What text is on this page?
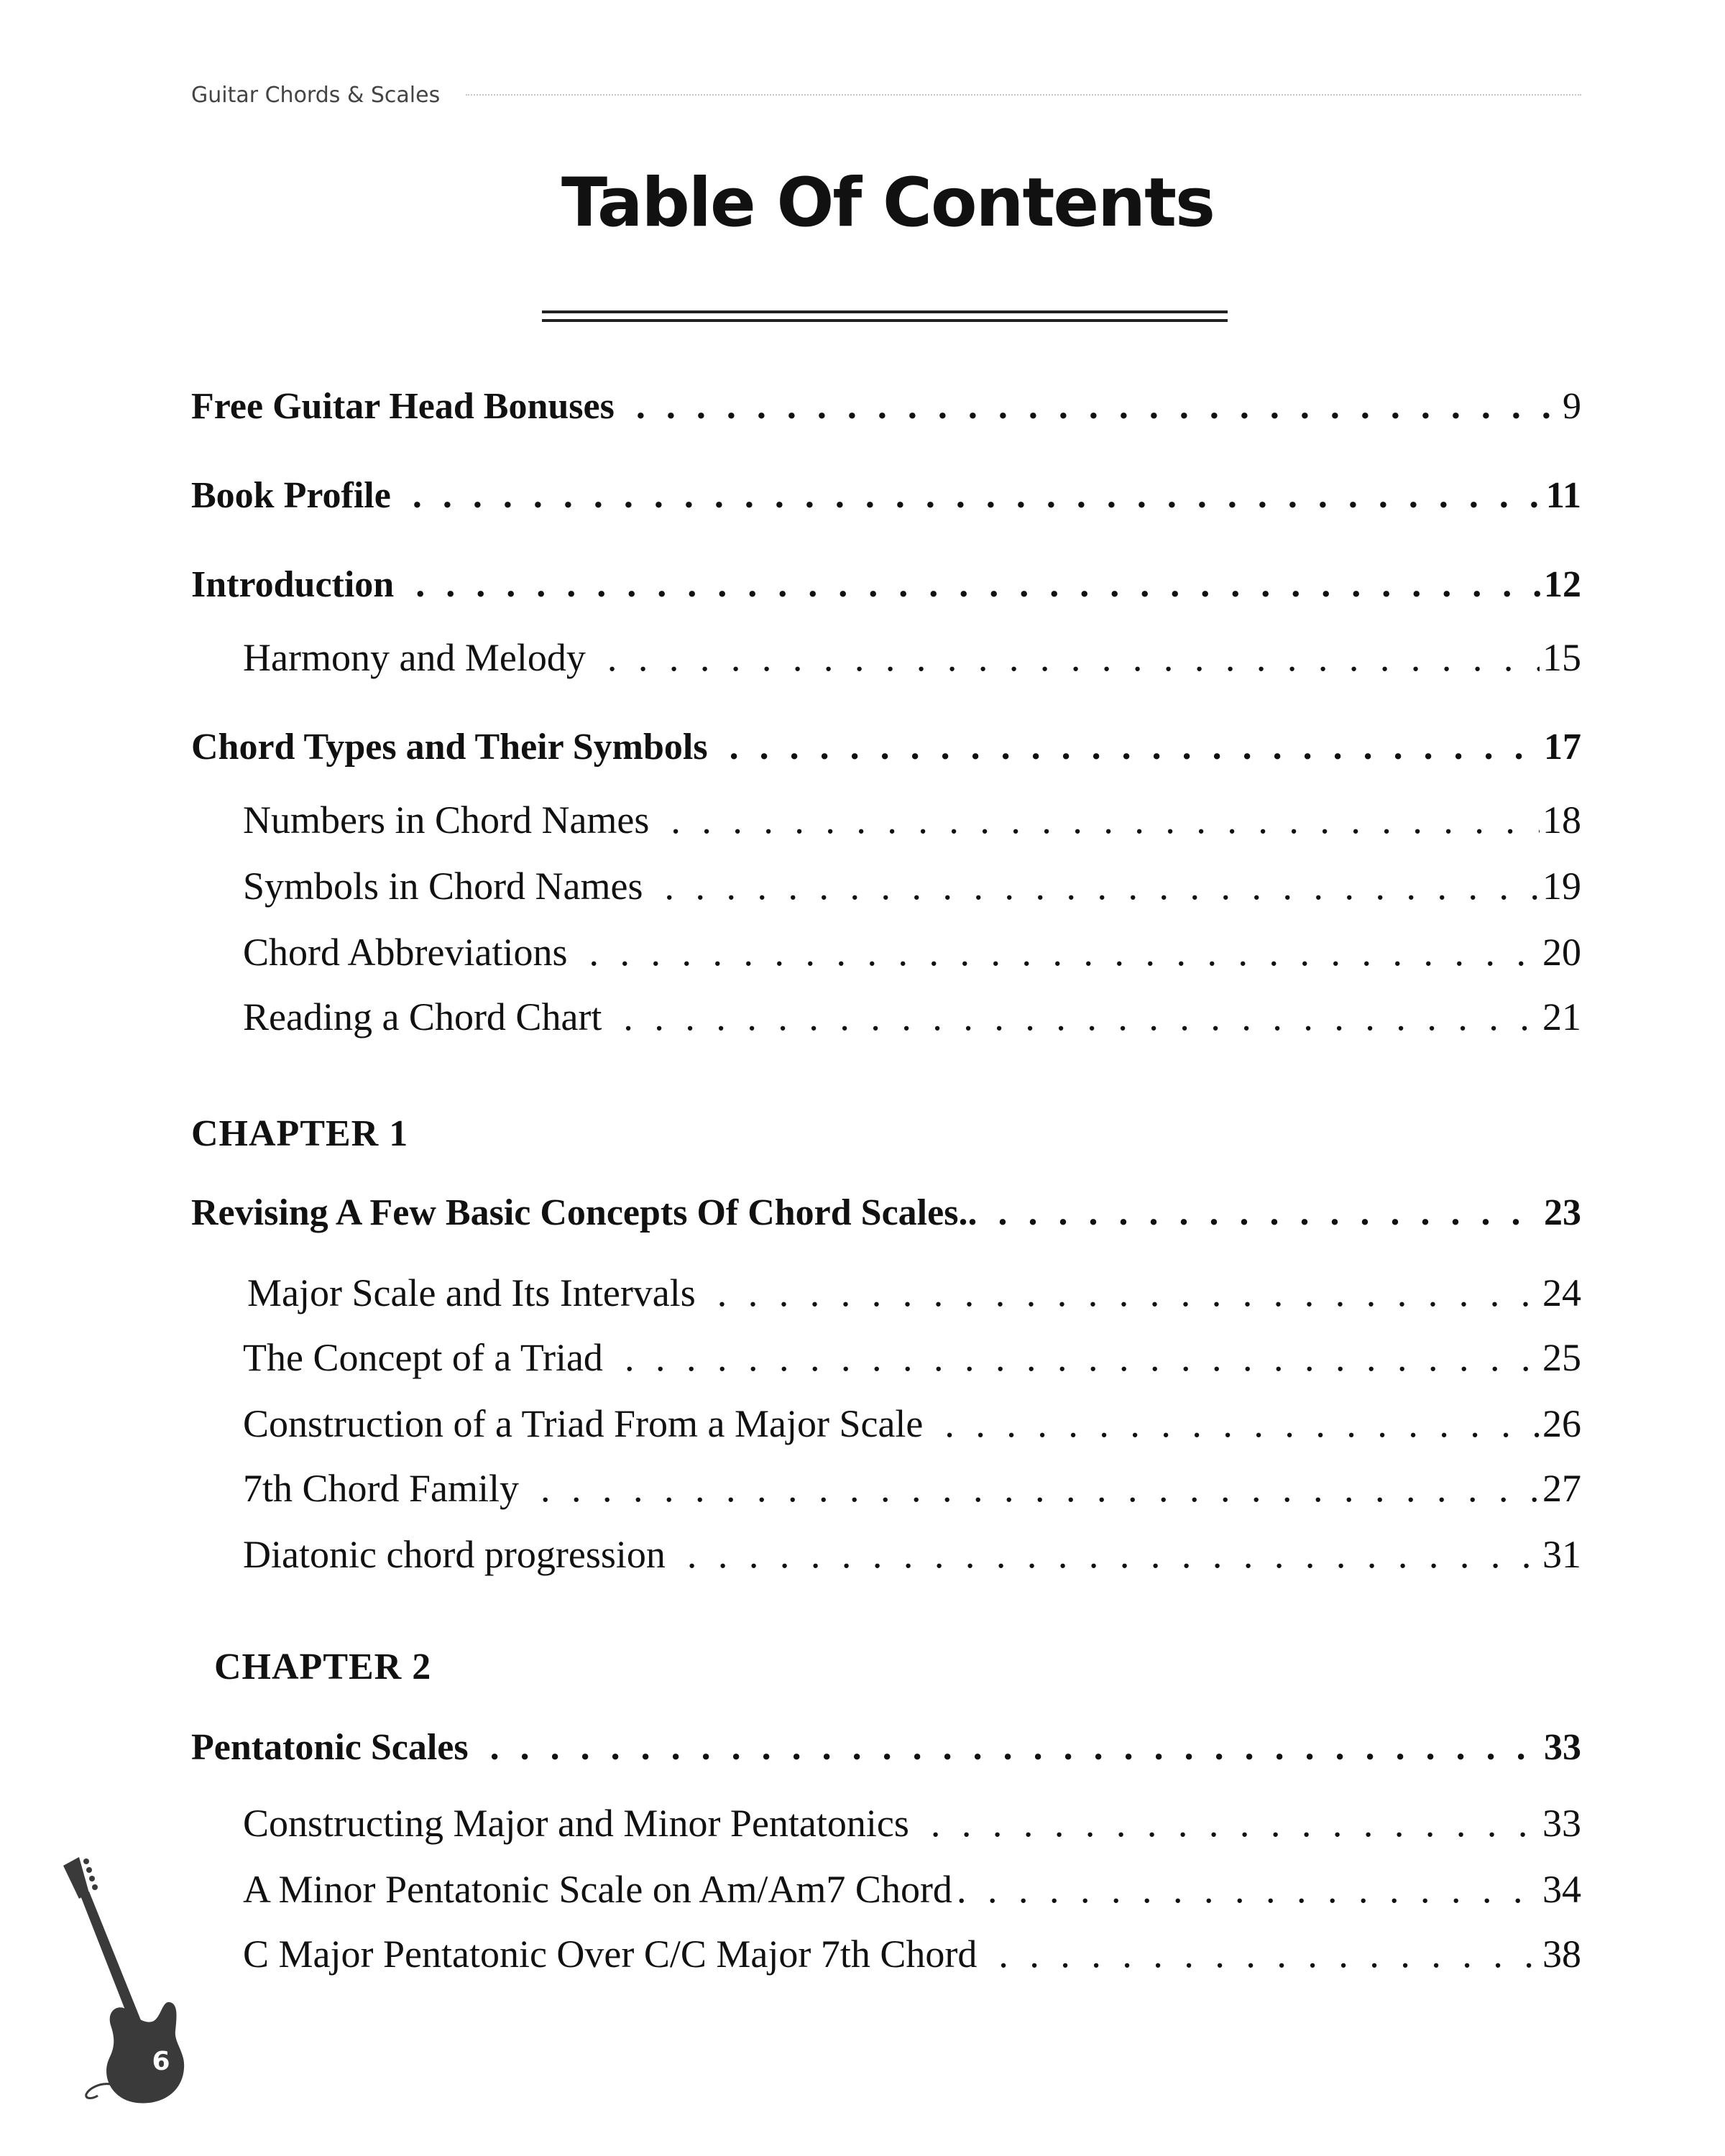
Guitar Chords & Scales
Table Of Contents
Free Guitar Head Bonuses . . .	9
Book Profile . . .	11
Introduction . . .	12
Harmony and Melody . . .	15
Chord Types and Their Symbols . . .	17
Numbers in Chord Names . . .	18
Symbols in Chord Names . . .	19
Chord Abbreviations . . .	20
Reading a Chord Chart . . .	21
CHAPTER 1
Revising A Few Basic Concepts Of Chord Scales. . . .	23
Major Scale and Its Intervals . . .	24
The Concept of a Triad . . .	25
Construction of a Triad From a Major Scale . . .	26
7th Chord Family . . .	27
Diatonic chord progression . . .	31
CHAPTER 2
Pentatonic Scales . . .	33
Constructing Major and Minor Pentatonics . . .	33
A Minor Pentatonic Scale on Am/Am7 Chord . . .	34
C Major Pentatonic Over C/C Major 7th Chord . . .	38
6
